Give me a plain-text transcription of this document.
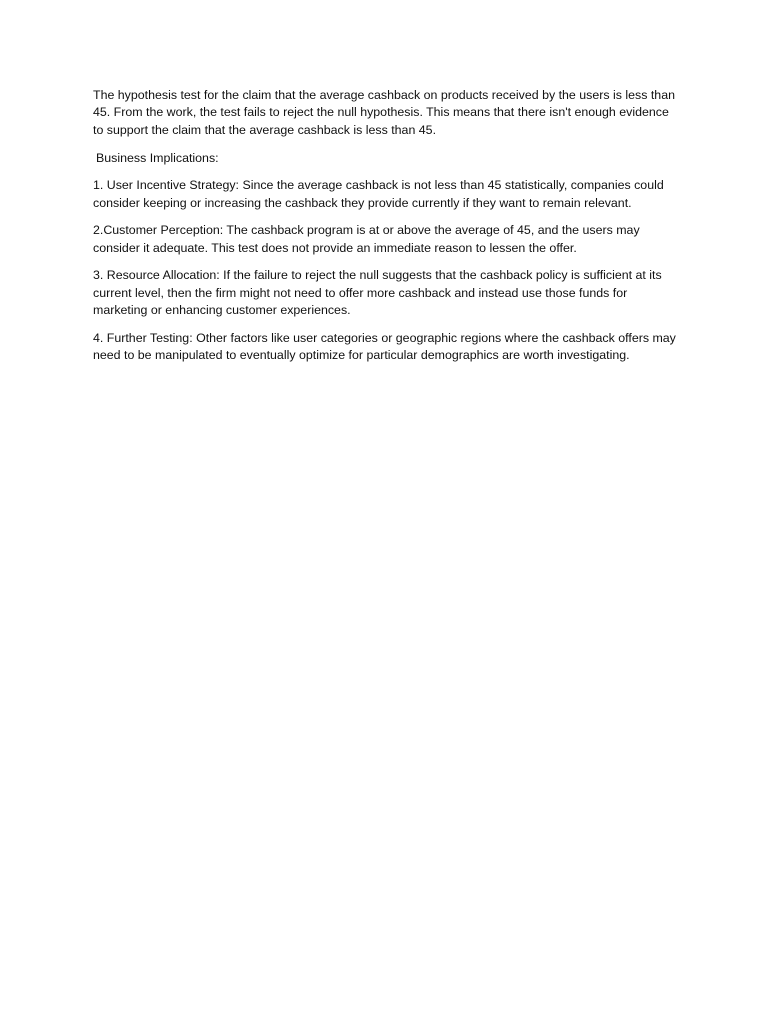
The hypothesis test for the claim that the average cashback on products received by the users is less than 45. From the work, the test fails to reject the null hypothesis. This means that there isn't enough evidence to support the claim that the average cashback is less than 45.

Business Implications:

1. User Incentive Strategy: Since the average cashback is not less than 45 statistically, companies could consider keeping or increasing the cashback they provide currently if they want to remain relevant.

2.Customer Perception: The cashback program is at or above the average of 45, and the users may consider it adequate. This test does not provide an immediate reason to lessen the offer.

3. Resource Allocation: If the failure to reject the null suggests that the cashback policy is sufficient at its current level, then the firm might not need to offer more cashback and instead use those funds for marketing or enhancing customer experiences.

4. Further Testing: Other factors like user categories or geographic regions where the cashback offers may need to be manipulated to eventually optimize for particular demographics are worth investigating.
